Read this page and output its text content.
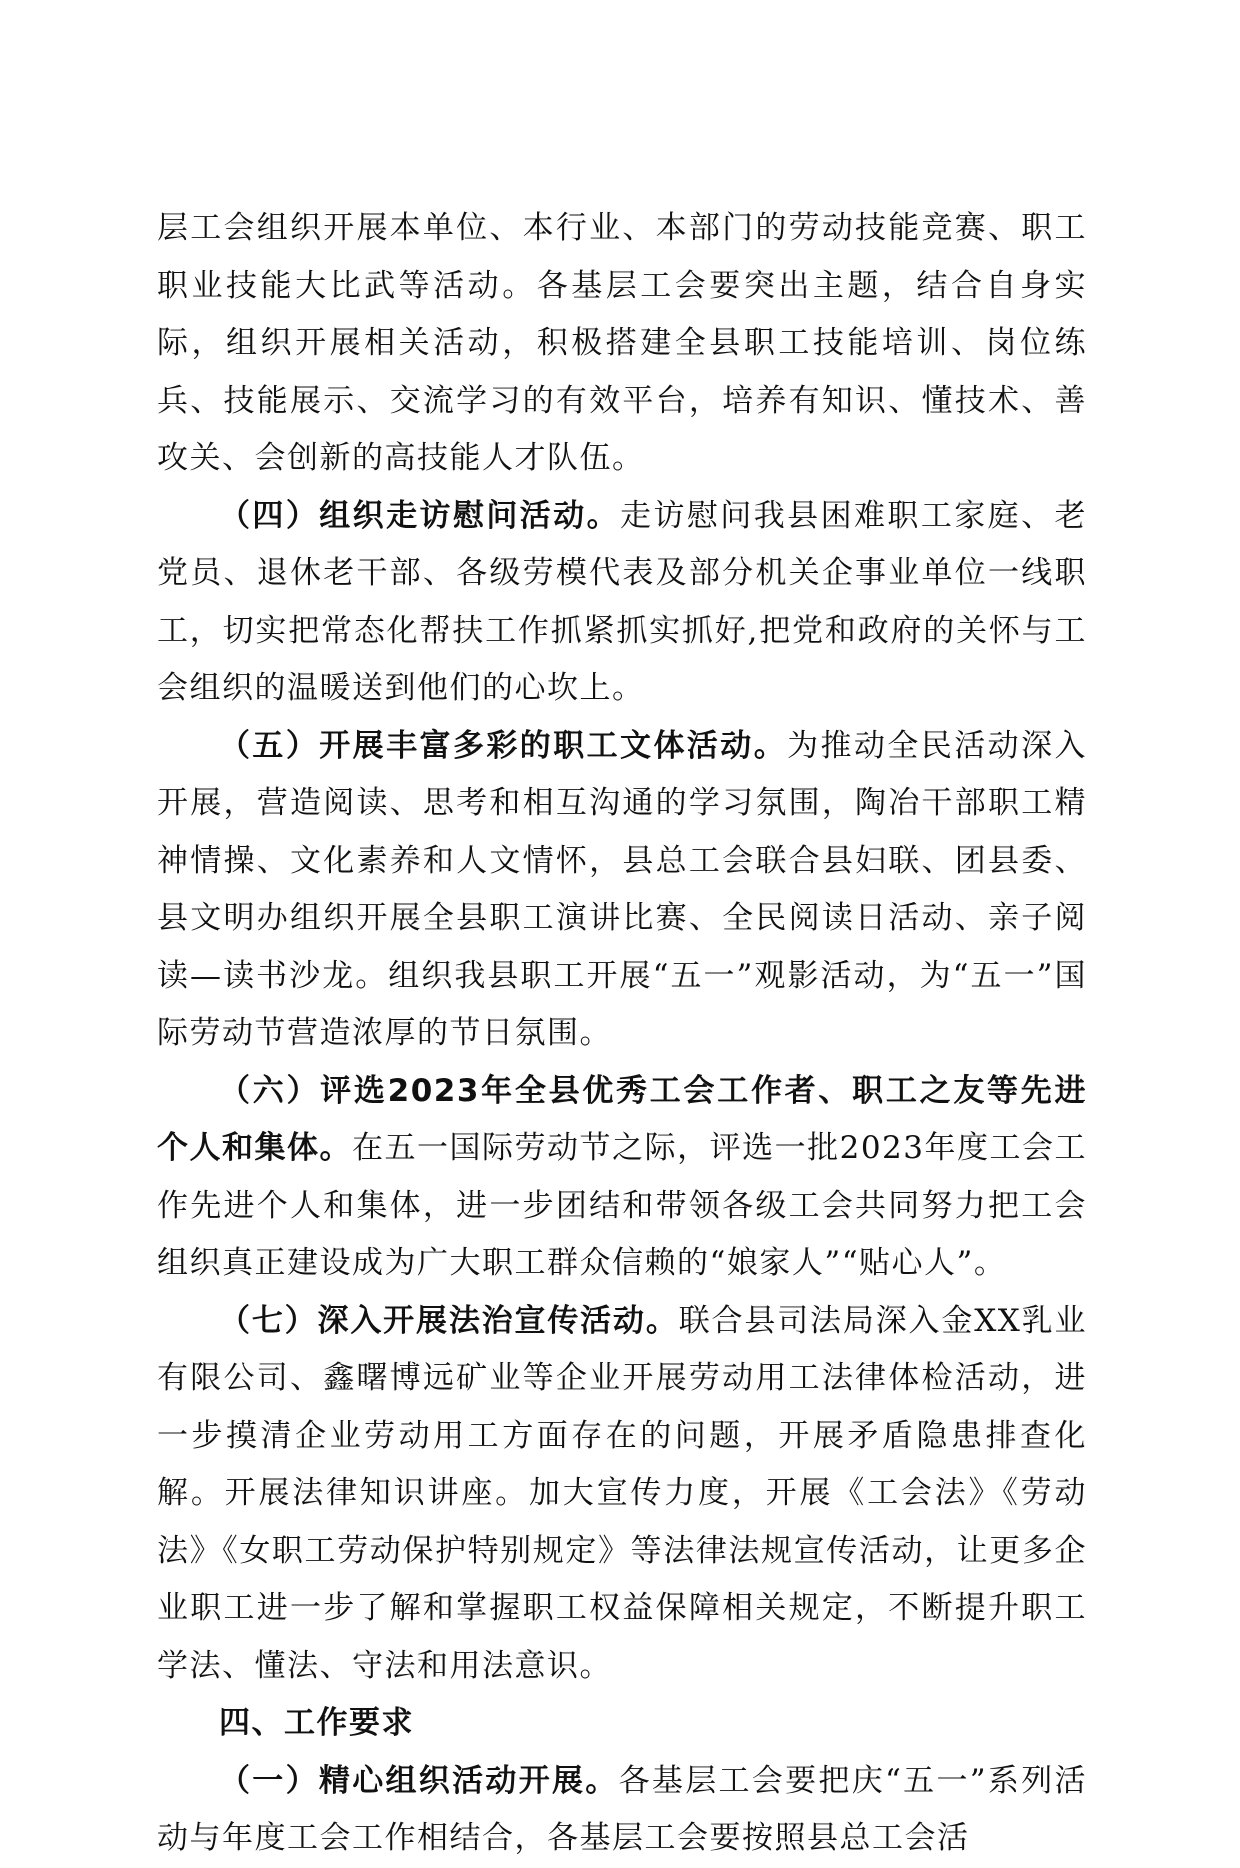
层工会组织开展本单位、本行业、本部门的劳动技能竞赛、职工职业技能大比武等活动。各基层工会要突出主题，结合自身实际，组织开展相关活动，积极搭建全县职工技能培训、岗位练兵、技能展示、交流学习的有效平台，培养有知识、懂技术、善攻关、会创新的高技能人才队伍。

（四）组织走访慰问活动。走访慰问我县困难职工家庭、老党员、退休老干部、各级劳模代表及部分机关企事业单位一线职工，切实把常态化帮扶工作抓紧抓实抓好,把党和政府的关怀与工会组织的温暖送到他们的心坎上。

（五）开展丰富多彩的职工文体活动。为推动全民活动深入开展，营造阅读、思考和相互沟通的学习氛围，陶冶干部职工精神情操、文化素养和人文情怀，县总工会联合县妇联、团县委、县文明办组织开展全县职工演讲比赛、全民阅读日活动、亲子阅读—读书沙龙。组织我县职工开展“五一”观影活动，为“五一”国际劳动节营造浓厚的节日氛围。

（六）评选2023年全县优秀工会工作者、职工之友等先进个人和集体。在五一国际劳动节之际，评选一批2023年度工会工作先进个人和集体，进一步团结和带领各级工会共同努力把工会组织真正建设成为广大职工群众信赖的“娘家人”“贴心人”。

（七）深入开展法治宣传活动。联合县司法局深入金XX乳业有限公司、鑫曙博远矿业等企业开展劳动用工法律体检活动，进一步摸清企业劳动用工方面存在的问题，开展矛盾隐患排查化解。开展法律知识讲座。加大宣传力度，开展《工会法》《劳动法》《女职工劳动保护特别规定》等法律法规宣传活动，让更多企业职工进一步了解和掌握职工权益保障相关规定，不断提升职工学法、懂法、守法和用法意识。

四、工作要求

（一）精心组织活动开展。各基层工会要把庆“五一”系列活动与年度工会工作相结合，各基层工会要按照县总工会活
